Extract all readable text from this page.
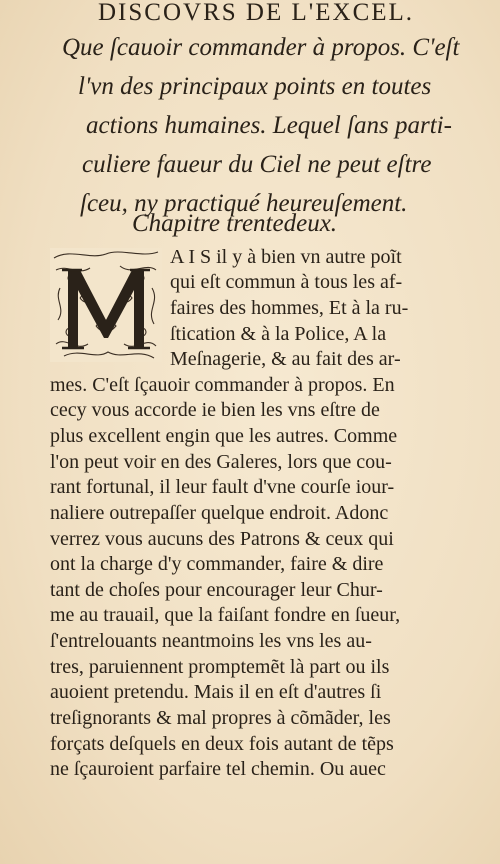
DISCOVRS DE L'EXCEL.
Que ſcauoir commander à propos. C'eſt
l'vn des principaux points en toutes
actions humaines. Lequel ſans parti-
culiere faueur du Ciel ne peut eſtre
ſceu, ny practiqué heureuſement.
Chapitre trentedeux.
A I S il y à bien vn autre poĩt
qui eſt commun à tous les af-
faires des hommes, Et à la ru-
ſtication & à la Police, A la
Meſnagerie, & au fait des ar-
mes. C'eſt ſçauoir commander à propos. En
cecy vous accorde ie bien les vns eſtre de
plus excellent engin que les autres. Comme
l'on peut voir en des Galeres, lors que cou-
rant fortunal, il leur fault d'vne courſe iour-
naliere outrepaſſer quelque endroit. Adonc
verrez vous aucuns des Patrons & ceux qui
ont la charge d'y commander, faire & dire
tant de choſes pour encourager leur Chur-
me au trauail, que la faiſant fondre en ſueur,
ſ'entrelouants neantmoins les vns les au-
tres, paruiennent promptemẽt là part ou ils
auoient pretendu. Mais il en eſt d'autres ſi
treſignorants & mal propres à cõmãder, les
forçats deſquels en deux fois autant de tẽps
ne ſçauroient parfaire tel chemin. Ou auec
